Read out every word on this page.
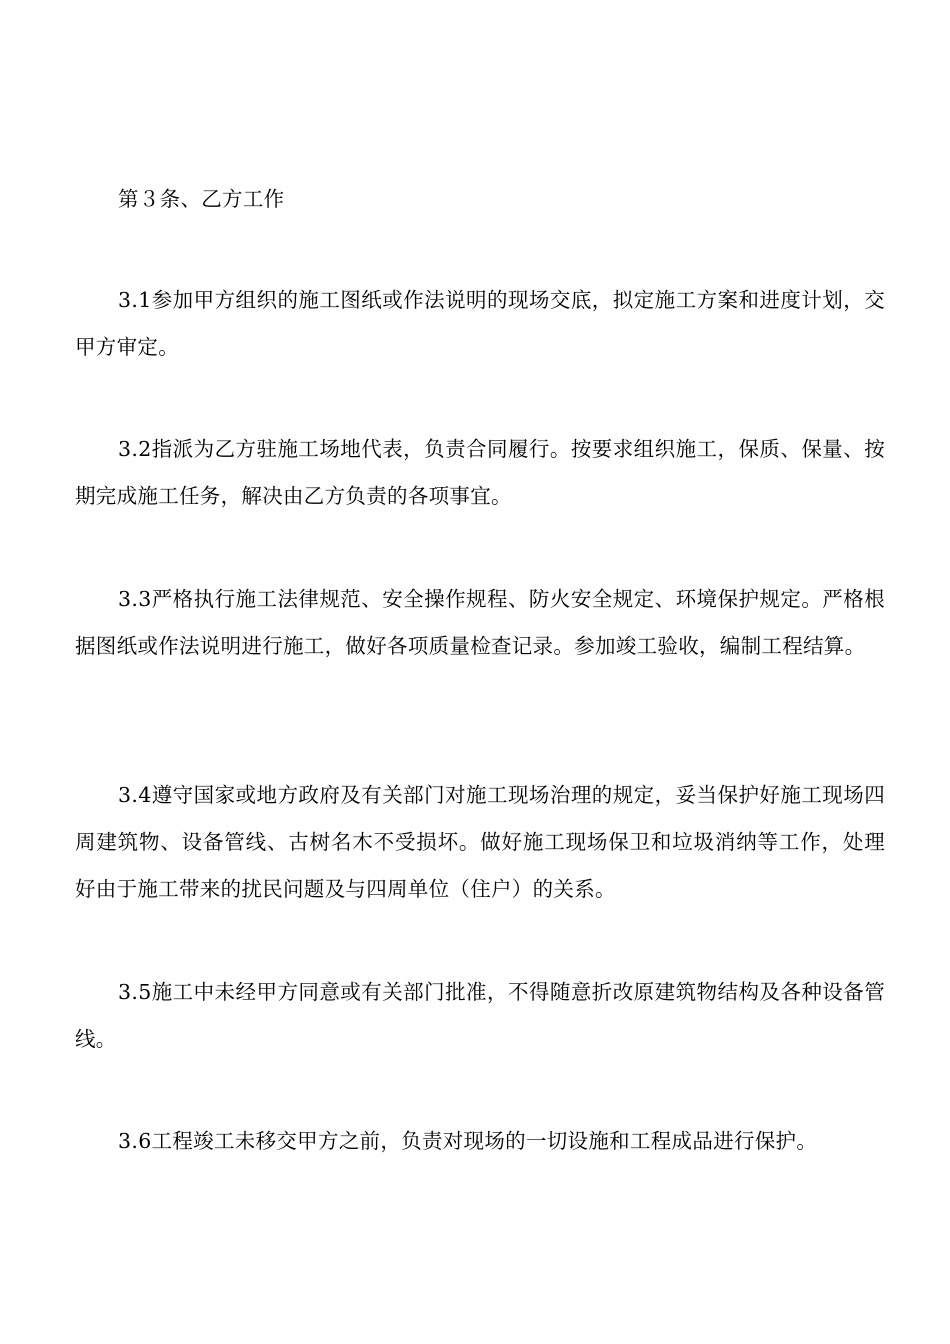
第３条、乙方工作

3.1参加甲方组织的施工图纸或作法说明的现场交底，拟定施工方案和进度计划，交甲方审定。

3.2指派为乙方驻施工场地代表，负责合同履行。按要求组织施工，保质、保量、按期完成施工任务，解决由乙方负责的各项事宜。

3.3严格执行施工法律规范、安全操作规程、防火安全规定、环境保护规定。严格根据图纸或作法说明进行施工，做好各项质量检查记录。参加竣工验收，编制工程结算。

3.4遵守国家或地方政府及有关部门对施工现场治理的规定，妥当保护好施工现场四周建筑物、设备管线、古树名木不受损坏。做好施工现场保卫和垃圾消纳等工作，处理好由于施工带来的扰民问题及与四周单位（住户）的关系。

3.5施工中未经甲方同意或有关部门批准，不得随意折改原建筑物结构及各种设备管线。

3.6工程竣工未移交甲方之前，负责对现场的一切设施和工程成品进行保护。
